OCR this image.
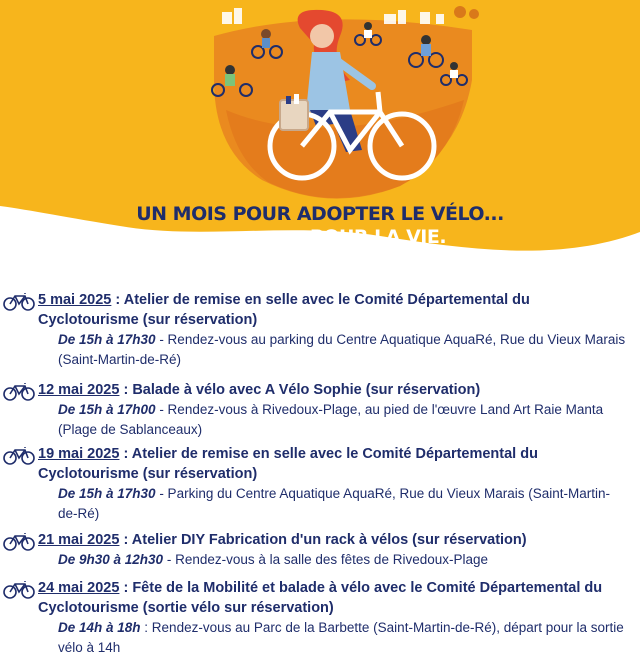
UN MOIS POUR ADOPTER LE VÉLO...
POUR LA VIE.
5 mai 2025 : Atelier de remise en selle avec le Comité Départemental du Cyclotourisme (sur réservation)
De 15h à 17h30 - Rendez-vous au parking du Centre Aquatique AquaRé, Rue du Vieux Marais (Saint-Martin-de-Ré)
12 mai 2025 : Balade à vélo avec A Vélo Sophie (sur réservation)
De 15h à 17h00 - Rendez-vous à Rivedoux-Plage, au pied de l'œuvre Land Art Raie Manta (Plage de Sablanceaux)
19 mai 2025 : Atelier de remise en selle avec le Comité Départemental du Cyclotourisme (sur réservation)
De 15h à 17h30 - Parking du Centre Aquatique AquaRé, Rue du Vieux Marais (Saint-Martin-de-Ré)
21 mai 2025 : Atelier DIY Fabrication d'un rack à vélos (sur réservation)
De 9h30 à 12h30 - Rendez-vous à la salle des fêtes de Rivedoux-Plage
24 mai 2025 : Fête de la Mobilité et balade à vélo avec le Comité Départemental du Cyclotourisme (sortie vélo sur réservation)
De 14h à 18h : Rendez-vous au Parc de la Barbette (Saint-Martin-de-Ré), départ pour la sortie vélo à 14h
